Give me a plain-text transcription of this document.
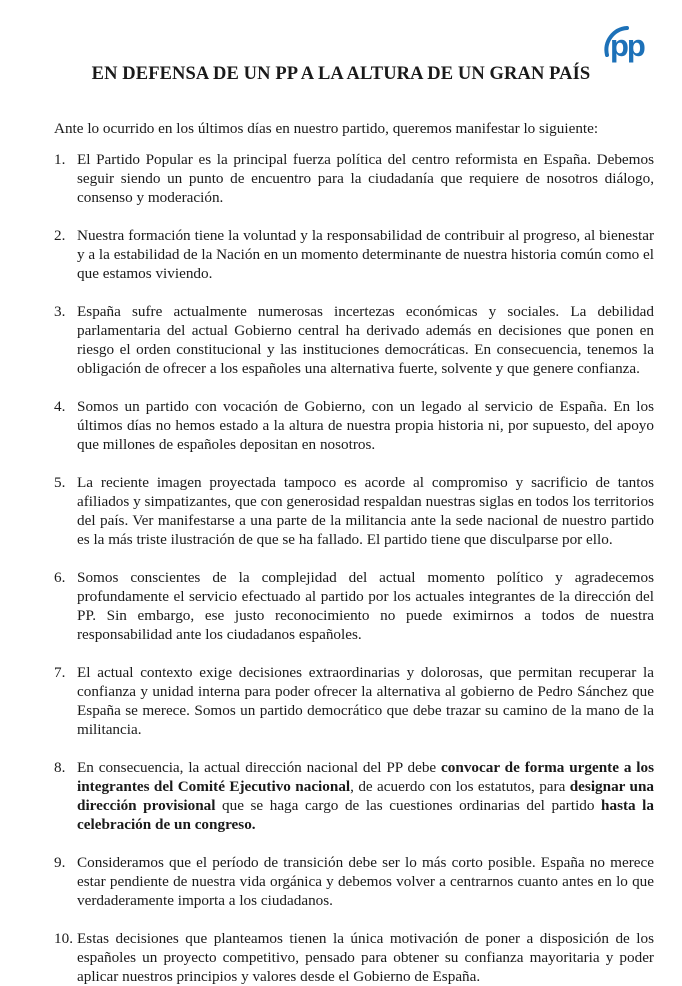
pp
EN DEFENSA DE UN PP A LA ALTURA DE UN GRAN PAÍS
Ante lo ocurrido en los últimos días en nuestro partido, queremos manifestar lo siguiente:
1. El Partido Popular es la principal fuerza política del centro reformista en España. Debemos seguir siendo un punto de encuentro para la ciudadanía que requiere de nosotros diálogo, consenso y moderación.
2. Nuestra formación tiene la voluntad y la responsabilidad de contribuir al progreso, al bienestar y a la estabilidad de la Nación en un momento determinante de nuestra historia común como el que estamos viviendo.
3. España sufre actualmente numerosas incertezas económicas y sociales. La debilidad parlamentaria del actual Gobierno central ha derivado además en decisiones que ponen en riesgo el orden constitucional y las instituciones democráticas. En consecuencia, tenemos la obligación de ofrecer a los españoles una alternativa fuerte, solvente y que genere confianza.
4. Somos un partido con vocación de Gobierno, con un legado al servicio de España. En los últimos días no hemos estado a la altura de nuestra propia historia ni, por supuesto, del apoyo que millones de españoles depositan en nosotros.
5. La reciente imagen proyectada tampoco es acorde al compromiso y sacrificio de tantos afiliados y simpatizantes, que con generosidad respaldan nuestras siglas en todos los territorios del país. Ver manifestarse a una parte de la militancia ante la sede nacional de nuestro partido es la más triste ilustración de que se ha fallado. El partido tiene que disculparse por ello.
6. Somos conscientes de la complejidad del actual momento político y agradecemos profundamente el servicio efectuado al partido por los actuales integrantes de la dirección del PP. Sin embargo, ese justo reconocimiento no puede eximirnos a todos de nuestra responsabilidad ante los ciudadanos españoles.
7. El actual contexto exige decisiones extraordinarias y dolorosas, que permitan recuperar la confianza y unidad interna para poder ofrecer la alternativa al gobierno de Pedro Sánchez que España se merece. Somos un partido democrático que debe trazar su camino de la mano de la militancia.
8. En consecuencia, la actual dirección nacional del PP debe convocar de forma urgente a los integrantes del Comité Ejecutivo nacional, de acuerdo con los estatutos, para designar una dirección provisional que se haga cargo de las cuestiones ordinarias del partido hasta la celebración de un congreso.
9. Consideramos que el período de transición debe ser lo más corto posible. España no merece estar pendiente de nuestra vida orgánica y debemos volver a centrarnos cuanto antes en lo que verdaderamente importa a los ciudadanos.
10. Estas decisiones que planteamos tienen la única motivación de poner a disposición de los españoles un proyecto competitivo, pensado para obtener su confianza mayoritaria y poder aplicar nuestros principios y valores desde el Gobierno de España.
